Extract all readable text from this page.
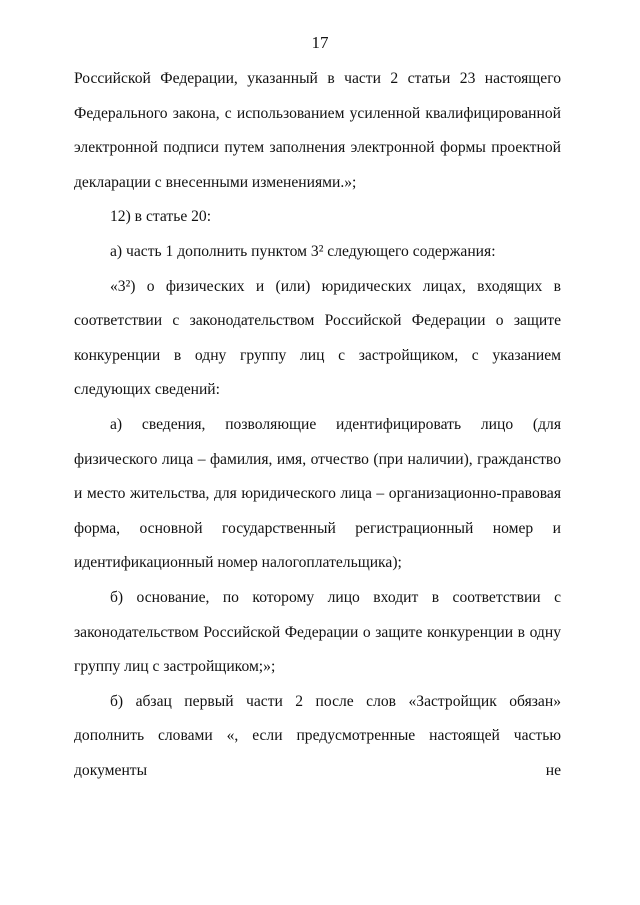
17

Российской Федерации, указанный в части 2 статьи 23 настоящего Федерального закона, с использованием усиленной квалифицированной электронной подписи путем заполнения электронной формы проектной декларации с внесенными изменениями.»;

12) в статье 20:

а) часть 1 дополнить пунктом 3² следующего содержания:

«3²) о физических и (или) юридических лицах, входящих в соответствии с законодательством Российской Федерации о защите конкуренции в одну группу лиц с застройщиком, с указанием следующих сведений:

а) сведения, позволяющие идентифицировать лицо (для физического лица – фамилия, имя, отчество (при наличии), гражданство и место жительства, для юридического лица – организационно-правовая форма, основной государственный регистрационный номер и идентификационный номер налогоплательщика);

б) основание, по которому лицо входит в соответствии с законодательством Российской Федерации о защите конкуренции в одну группу лиц с застройщиком;»;

б) абзац первый части 2 после слов «Застройщик обязан» дополнить словами «, если предусмотренные настоящей частью документы не
